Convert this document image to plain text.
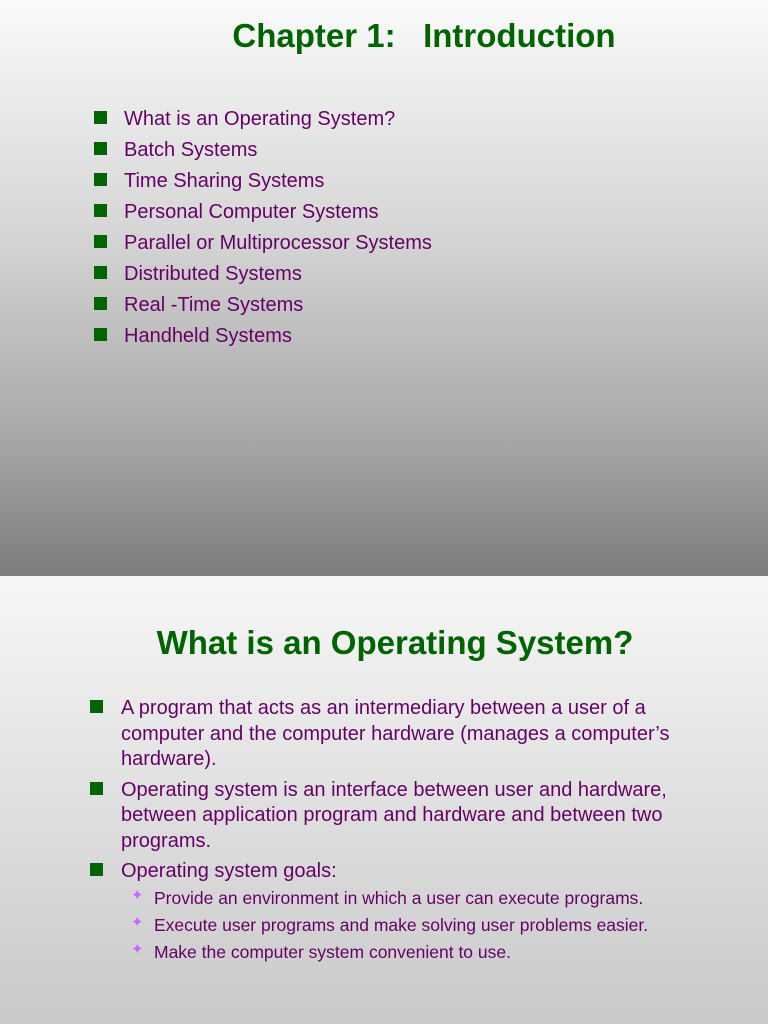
Chapter 1:   Introduction
What is an Operating System?
Batch Systems
Time Sharing Systems
Personal Computer Systems
Parallel or Multiprocessor Systems
Distributed Systems
Real -Time Systems
Handheld Systems
What is an Operating System?
A program that acts as an intermediary between a user of a computer and the computer hardware (manages a computer’s hardware).
Operating system is an interface between user and hardware, between application program and hardware and between two programs.
Operating system goals:
✦ Provide an environment in which a user can execute programs.
✦ Execute user programs and make solving user problems easier.
✦ Make the computer system convenient to use.
